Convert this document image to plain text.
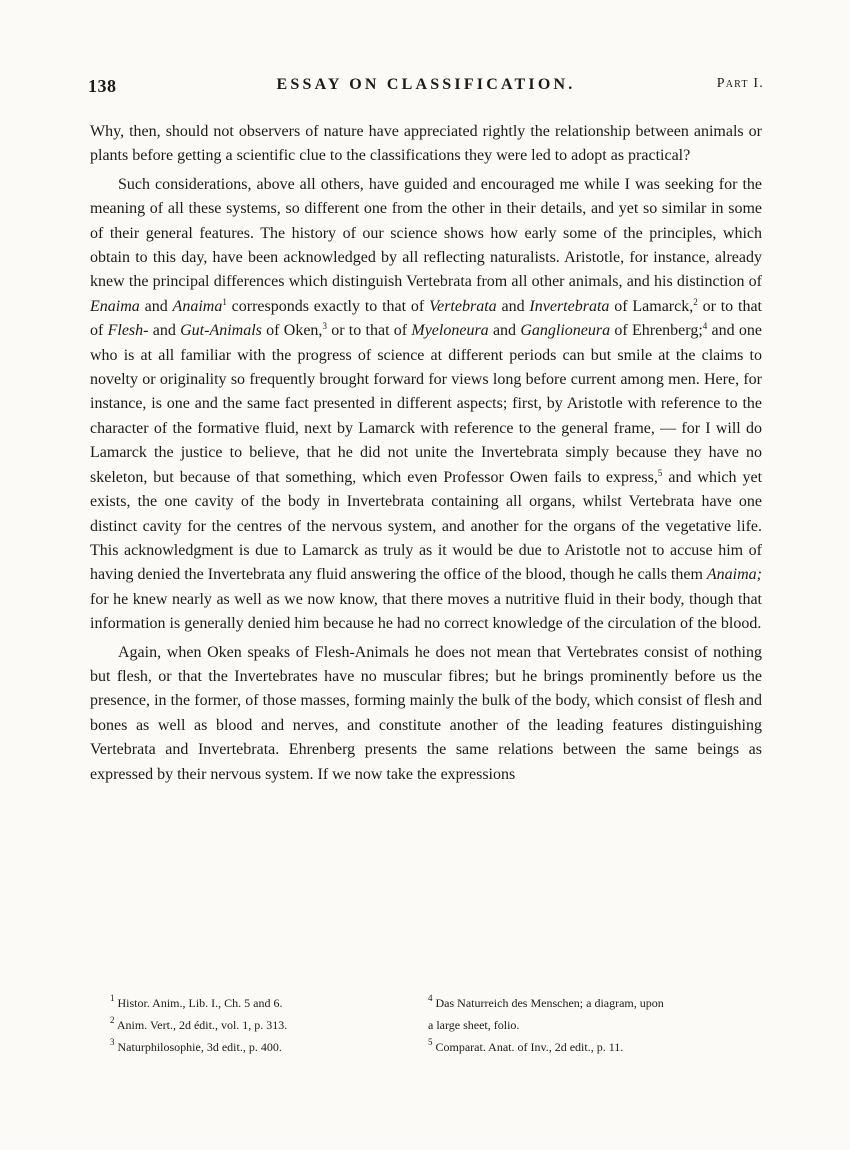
138	ESSAY ON CLASSIFICATION.	Part I.

Why, then, should not observers of nature have appreciated rightly the relationship between animals or plants before getting a scientific clue to the classifications they were led to adopt as practical?

Such considerations, above all others, have guided and encouraged me while I was seeking for the meaning of all these systems, so different one from the other in their details, and yet so similar in some of their general features. The history of our science shows how early some of the principles, which obtain to this day, have been acknowledged by all reflecting naturalists. Aristotle, for instance, already knew the principal differences which distinguish Vertebrata from all other animals, and his distinction of Enaima and Anaima$^1$ corresponds exactly to that of Vertebrata and Invertebrata of Lamarck,$^2$ or to that of Flesh- and Gut-Animals of Oken,$^3$ or to that of Myeloneura and Ganglioneura of Ehrenberg;$^4$ and one who is at all familiar with the progress of science at different periods can but smile at the claims to novelty or originality so frequently brought forward for views long before current among men. Here, for instance, is one and the same fact presented in different aspects; first, by Aristotle with reference to the character of the formative fluid, next by Lamarck with reference to the general frame, — for I will do Lamarck the justice to believe, that he did not unite the Invertebrata simply because they have no skeleton, but because of that something, which even Professor Owen fails to express,$^5$ and which yet exists, the one cavity of the body in Invertebrata containing all organs, whilst Vertebrata have one distinct cavity for the centres of the nervous system, and another for the organs of the vegetative life. This acknowledgment is due to Lamarck as truly as it would be due to Aristotle not to accuse him of having denied the Invertebrata any fluid answering the office of the blood, though he calls them Anaima; for he knew nearly as well as we now know, that there moves a nutritive fluid in their body, though that information is generally denied him because he had no correct knowledge of the circulation of the blood.

Again, when Oken speaks of Flesh-Animals he does not mean that Vertebrates consist of nothing but flesh, or that the Invertebrates have no muscular fibres; but he brings prominently before us the presence, in the former, of those masses, forming mainly the bulk of the body, which consist of flesh and bones as well as blood and nerves, and constitute another of the leading features distinguishing Vertebrata and Invertebrata. Ehrenberg presents the same relations between the same beings as expressed by their nervous system. If we now take the expressions

$^1$ Histor. Anim., Lib. I., Ch. 5 and 6.
$^2$ Anim. Vert., 2d édit., vol. 1, p. 313.
$^3$ Naturphilosophie, 3d edit., p. 400.
$^4$ Das Naturreich des Menschen; a diagram, upon
a large sheet, folio.
$^5$ Comparat. Anat. of Inv., 2d edit., p. 11.
